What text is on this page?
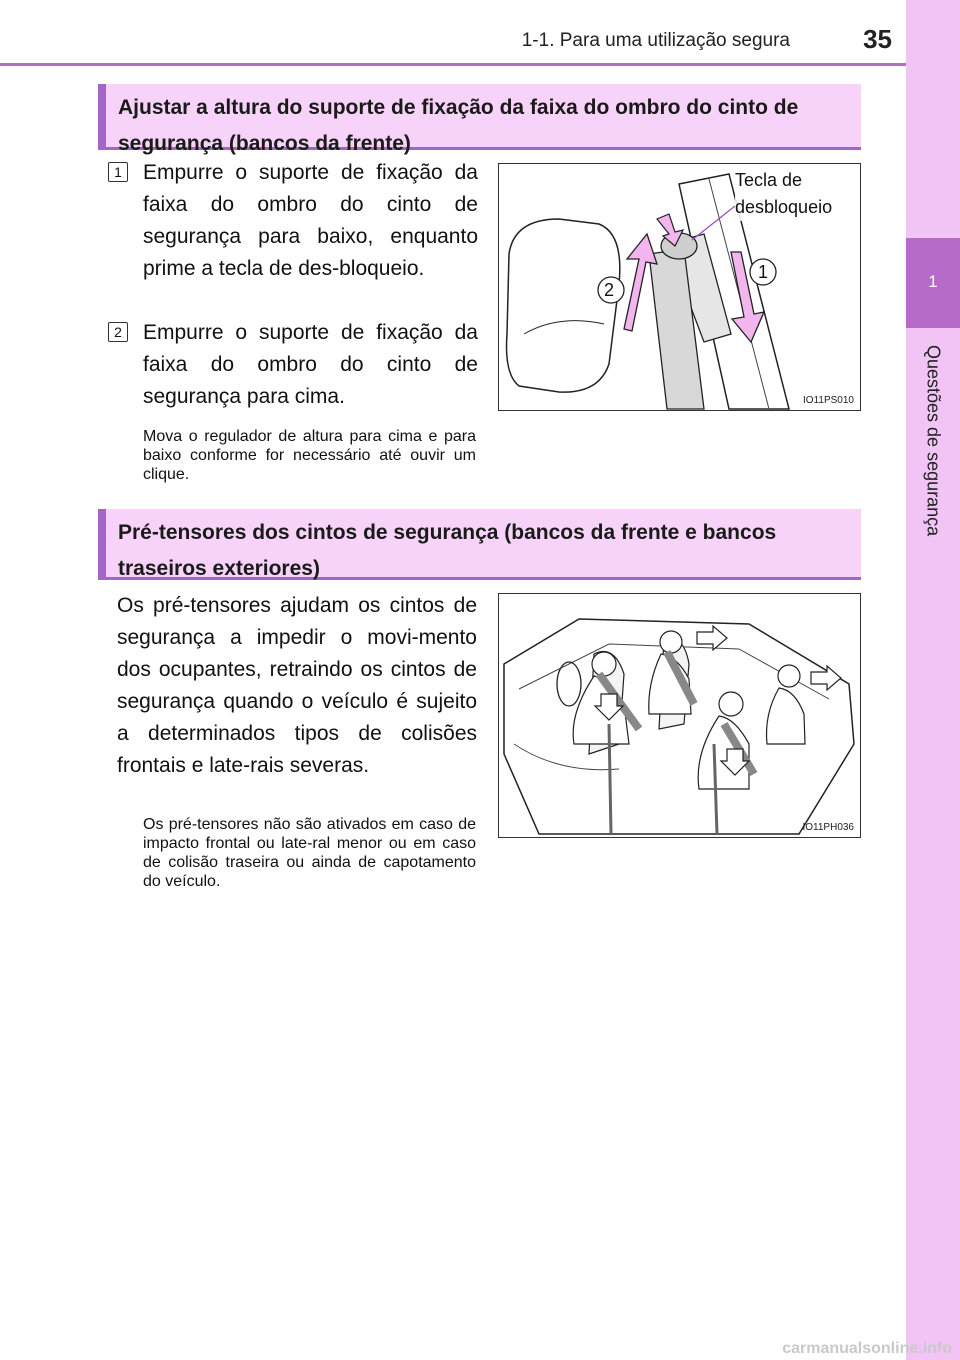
1-1. Para uma utilização segura	35
1
Questões de segurança
Ajustar a altura do suporte de fixação da faixa do ombro do cinto de segurança (bancos da frente)
1 Empurre o suporte de fixação da faixa do ombro do cinto de segurança para baixo, enquanto prime a tecla de des-bloqueio.
2 Empurre o suporte de fixação da faixa do ombro do cinto de segurança para cima.
Mova o regulador de altura para cima e para baixo conforme for necessário até ouvir um clique.
Tecla de
desbloqueio
2
1
IO11PS010
Pré-tensores dos cintos de segurança (bancos da frente e bancos traseiros exteriores)
Os pré-tensores ajudam os cintos de segurança a impedir o movi-mento dos ocupantes, retraindo os cintos de segurança quando o veículo é sujeito a determinados tipos de colisões frontais e late-rais severas.
Os pré-tensores não são ativados em caso de impacto frontal ou late-ral menor ou em caso de colisão traseira ou ainda de capotamento do veículo.
IO11PH036
carmanualsonline.info
